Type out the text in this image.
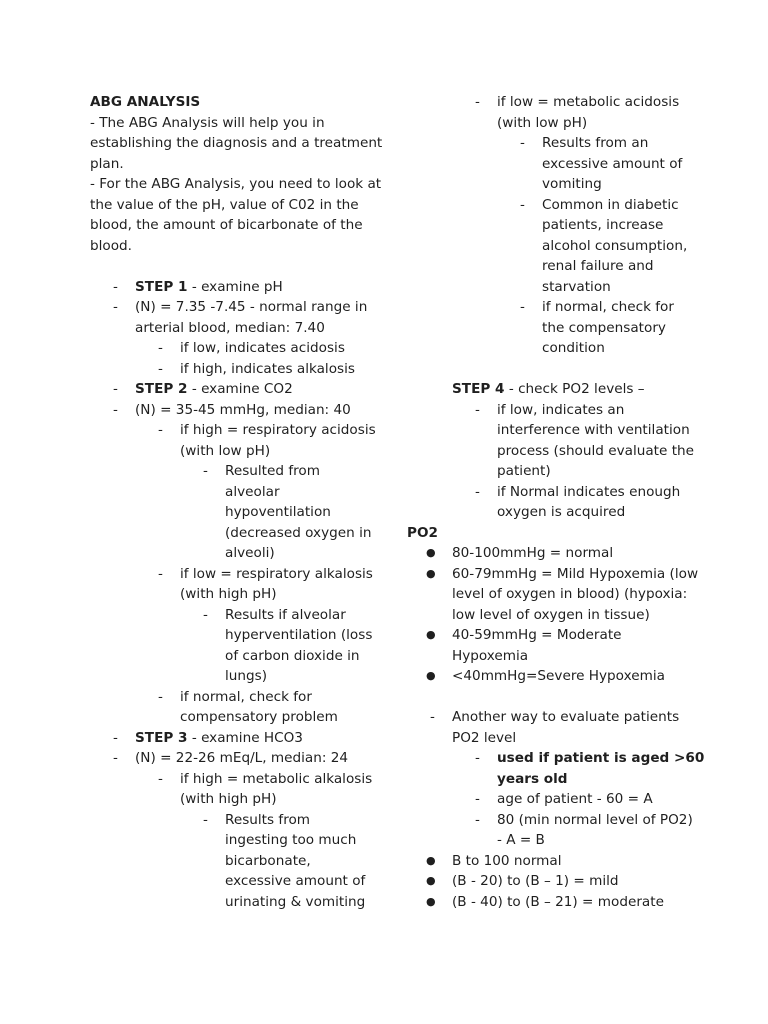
ABG ANALYSIS
- The ABG Analysis will help you in
establishing the diagnosis and a treatment
plan.
- For the ABG Analysis, you need to look at
the value of the pH, value of C02 in the
blood, the amount of bicarbonate of the
blood.
- STEP 1 - examine pH
- (N) = 7.35 -7.45 - normal range in
arterial blood, median: 7.40
- if low, indicates acidosis
- if high, indicates alkalosis
- STEP 2 - examine CO2
- (N) = 35-45 mmHg, median: 40
- if high = respiratory acidosis
(with low pH)
- Resulted from
alveolar
hypoventilation
(decreased oxygen in
alveoli)
- if low = respiratory alkalosis
(with high pH)
- Results if alveolar
hyperventilation (loss
of carbon dioxide in
lungs)
- if normal, check for
compensatory problem
- STEP 3 - examine HCO3
- (N) = 22-26 mEq/L, median: 24
- if high = metabolic alkalosis
(with high pH)
- Results from
ingesting too much
bicarbonate,
excessive amount of
urinating & vomiting
- if low = metabolic acidosis
(with low pH)
- Results from an
excessive amount of
vomiting
- Common in diabetic
patients, increase
alcohol consumption,
renal failure and
starvation
- if normal, check for
the compensatory
condition
STEP 4 - check PO2 levels –
- if low, indicates an
interference with ventilation
process (should evaluate the
patient)
- if Normal indicates enough
oxygen is acquired
PO2
● 80-100mmHg = normal
● 60-79mmHg = Mild Hypoxemia (low
level of oxygen in blood) (hypoxia:
low level of oxygen in tissue)
● 40-59mmHg = Moderate
Hypoxemia
● <40mmHg=Severe Hypoxemia
- Another way to evaluate patients
PO2 level
- used if patient is aged >60
years old
- age of patient - 60 = A
- 80 (min normal level of PO2)
- A = B
● B to 100 normal
● (B - 20) to (B – 1) = mild
● (B - 40) to (B – 21) = moderate
